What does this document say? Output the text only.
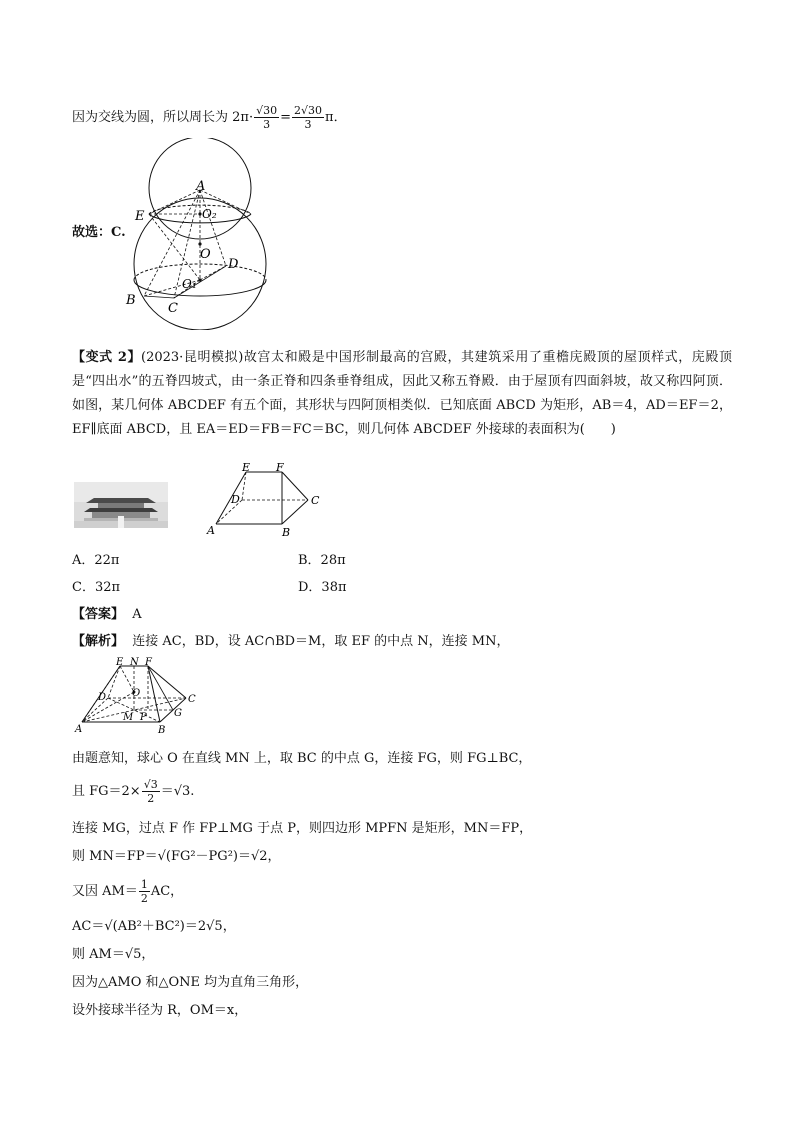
因为交线为圆，所以周长为 $2\pi\cdot \frac{√30}{3} = \frac{2√30}{3}$ π．
A
E	O₂
O
D
O₁
B
C
故选：C.
【变式 2】(2023·昆明模拟)故宫太和殿是中国形制最高的宫殿，其建筑采用了重檐庑殿顶的屋顶样式，庑殿顶是“四出水”的五脊四坡式，由一条正脊和四条垂脊组成，因此又称五脊殿．由于屋顶有四面斜坡，故又称四阿顶．如图，某几何体 ABCDEF 有五个面，其形状与四阿顶相类似．已知底面 ABCD 为矩形，AB＝4，AD＝EF＝2，EF∥底面 ABCD，且 EA＝ED＝FB＝FC＝BC，则几何体 ABCDEF 外接球的表面积为(　　)
E F
D	C
A	B
A．22π	B．28π
C．32π	D．38π
【答案】 A
【解析】 连接 AC，BD，设 AC∩BD＝M，取 EF 的中点 N，连接 MN，
E N F
D	O
C
M P	G
A	B
由题意知，球心 O 在直线 MN 上，取 BC 的中点 G，连接 FG，则 FG⊥BC，
且 $FG=2\times \frac{√3}{2} =√3$.
连接 MG，过点 F 作 FP⊥MG 于点 P，则四边形 MPFN 是矩形，MN＝FP，
则 MN＝FP＝√(FG²－PG²)＝√2，
又因 $AM= \frac{1}{2}$ AC，
AC＝√(AB²＋BC²)＝2√5，
则 AM＝√5，
因为△AMO 和△ONE 均为直角三角形，
设外接球半径为 R，OM＝x，
